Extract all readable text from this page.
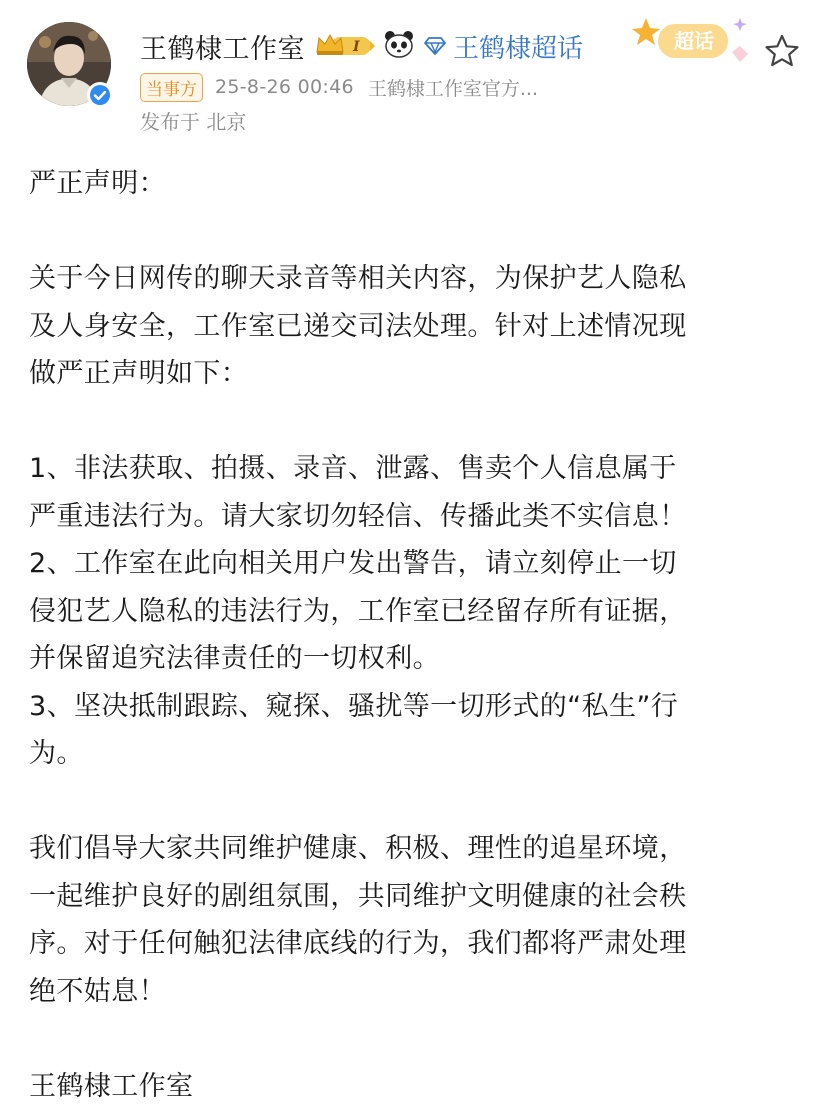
王鹤棣工作室	I	王鹤棣超话	超话
当事方 25-8-26 00:46 王鹤棣工作室官方...
发布于 北京

严正声明：

关于今日网传的聊天录音等相关内容，为保护艺人隐私

及人身安全，工作室已递交司法处理。针对上述情况现

做严正声明如下：

1、非法获取、拍摄、录音、泄露、售卖个人信息属于

严重违法行为。请大家切勿轻信、传播此类不实信息！

2、工作室在此向相关用户发出警告，请立刻停止一切

侵犯艺人隐私的违法行为，工作室已经留存所有证据，

并保留追究法律责任的一切权利。

3、坚决抵制跟踪、窥探、骚扰等一切形式的“私生”行

为。

我们倡导大家共同维护健康、积极、理性的追星环境，

一起维护良好的剧组氛围，共同维护文明健康的社会秩

序。对于任何触犯法律底线的行为，我们都将严肃处理

绝不姑息！

王鹤棣工作室
